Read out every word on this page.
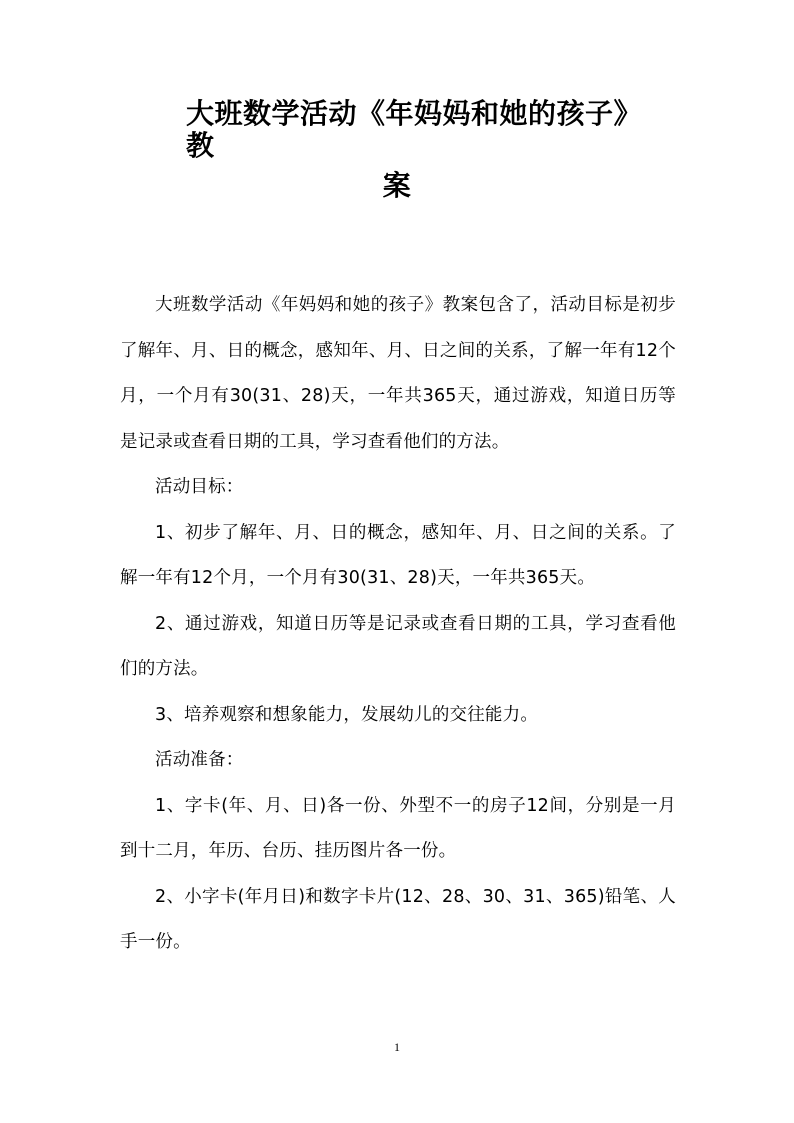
大班数学活动《年妈妈和她的孩子》教
案

大班数学活动《年妈妈和她的孩子》教案包含了，活动目标是初步了解年、月、日的概念，感知年、月、日之间的关系，了解一年有12个月，一个月有30(31、28)天，一年共365天，通过游戏，知道日历等是记录或查看日期的工具，学习查看他们的方法。

活动目标：

1、初步了解年、月、日的概念，感知年、月、日之间的关系。了解一年有12个月，一个月有30(31、28)天，一年共365天。

2、通过游戏，知道日历等是记录或查看日期的工具，学习查看他们的方法。

3、培养观察和想象能力，发展幼儿的交往能力。

活动准备：

1、字卡(年、月、日)各一份、外型不一的房子12间，分别是一月到十二月，年历、台历、挂历图片各一份。

2、小字卡(年月日)和数字卡片(12、28、30、31、365)铅笔、人手一份。

1
